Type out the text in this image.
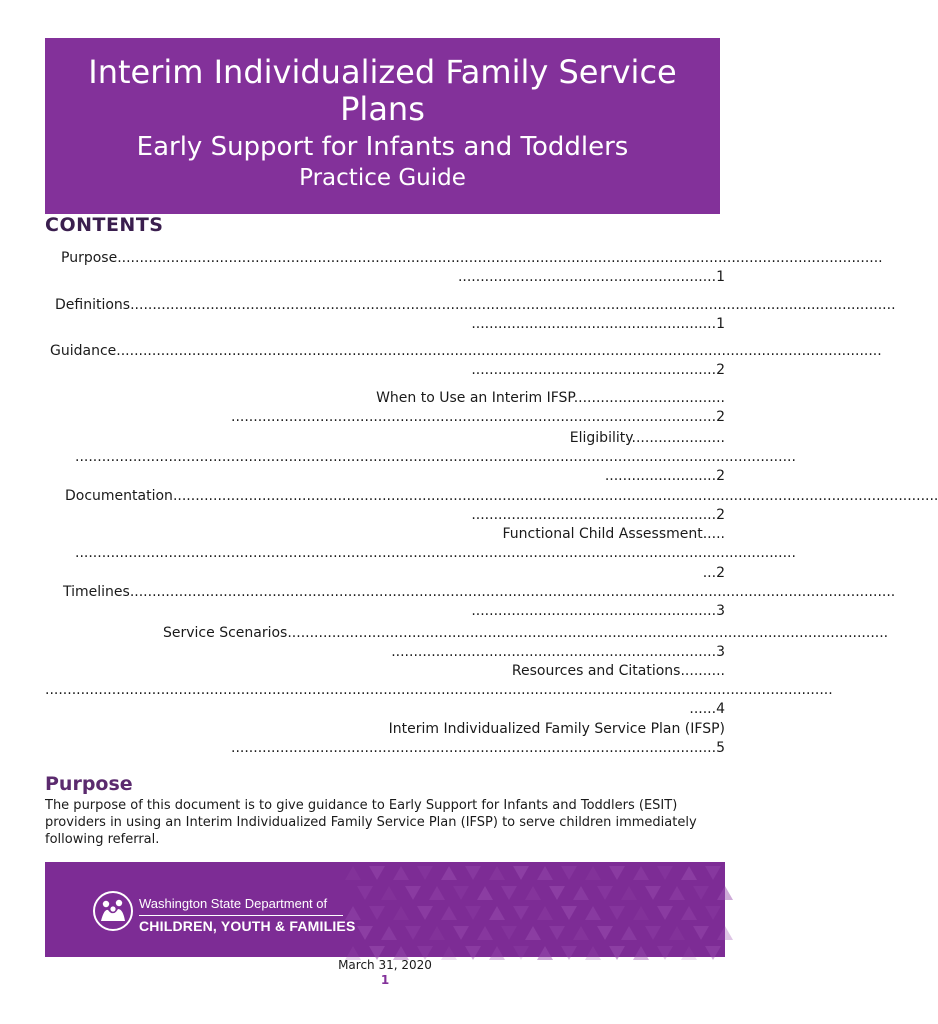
Interim Individualized Family Service
Plans
Early Support for Infants and Toddlers
Practice Guide
CONTENTS
Purpose............................................................................................................................................................................
..........................................................1
Definitions............................................................................................................................................................................
.......................................................1
Guidance............................................................................................................................................................................
.......................................................2
When to Use an Interim IFSP..................................
.............................................................................................................2
Eligibility.....................
..................................................................................................................................................................
.........................2
Documentation............................................................................................................................................................................
.......................................................2
Functional Child Assessment.....
..................................................................................................................................................................
...2
Timelines............................................................................................................................................................................
.......................................................3
Service Scenarios.......................................................................................................................................
.........................................................................3
Resources and Citations..........
.................................................................................................................................................................................
......4
Interim Individualized Family Service Plan (IFSP)
.............................................................................................................5
Purpose
The purpose of this document is to give guidance to Early Support for Infants and Toddlers (ESIT) providers in using an Interim Individualized Family Service Plan (IFSP) to serve children immediately following referral.
Washington State Department of
CHILDREN, YOUTH & FAMILIES
March 31, 2020
1
